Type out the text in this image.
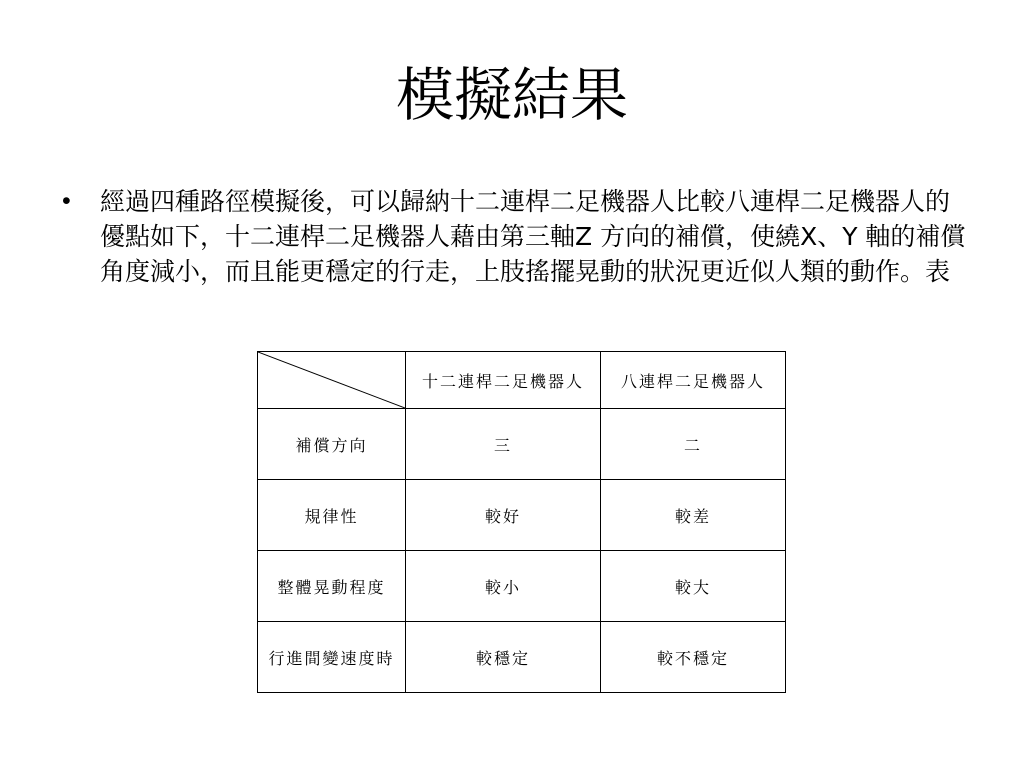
模擬結果
• 經過四種路徑模擬後，可以歸納十二連桿二足機器人比較八連桿二足機器人的優點如下，十二連桿二足機器人藉由第三軸Z 方向的補償，使繞X、Y 軸的補償角度減小，而且能更穩定的行走，上肢搖擺晃動的狀況更近似人類的動作。表
	十二連桿二足機器人	八連桿二足機器人
補償方向	三	二
規律性	較好	較差
整體晃動程度	較小	較大
行進間變速度時	較穩定	較不穩定
